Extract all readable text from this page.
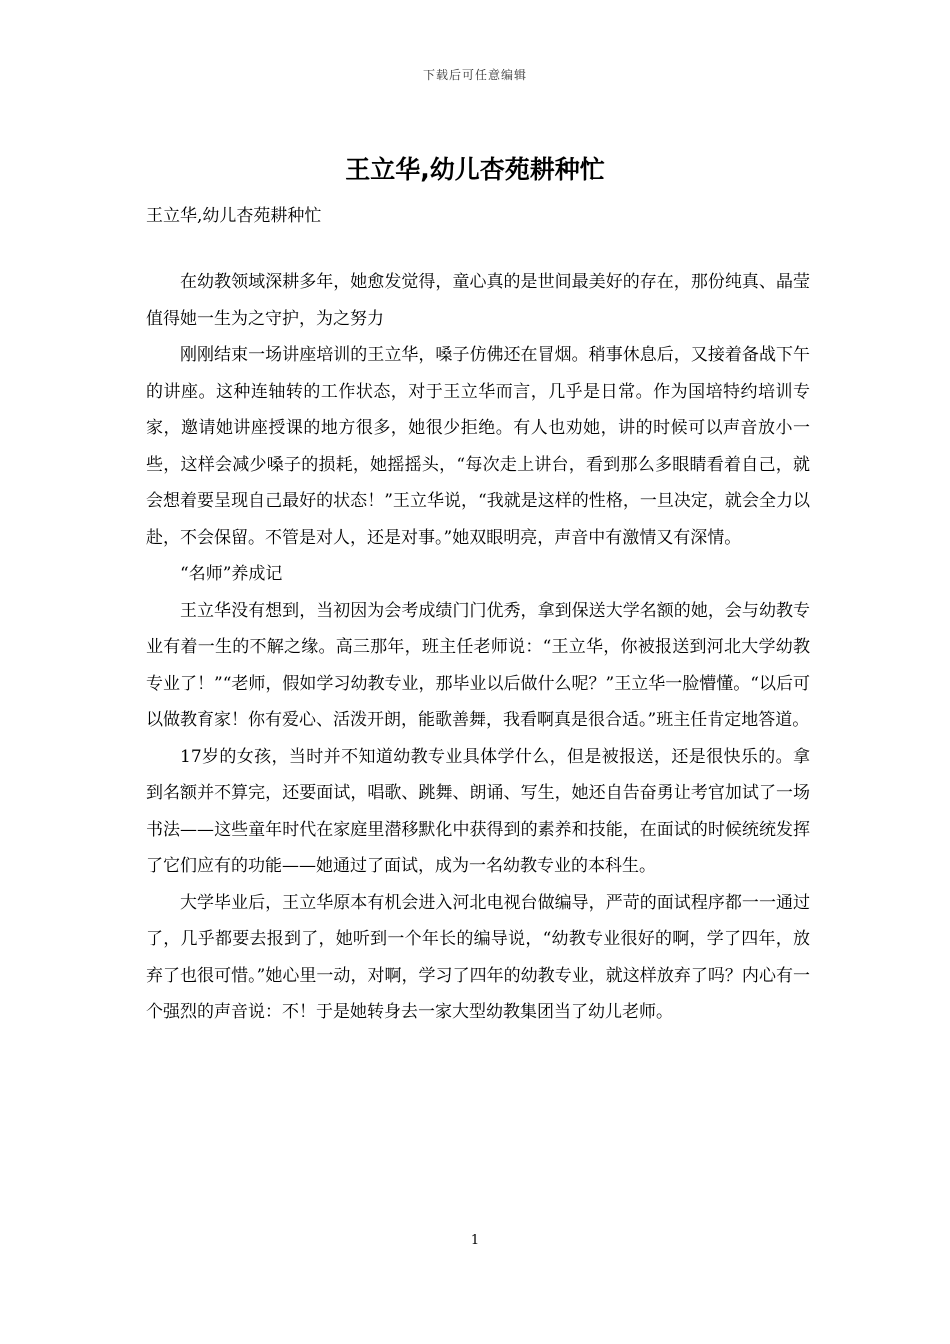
下载后可任意编辑
王立华,幼儿杏苑耕种忙

王立华,幼儿杏苑耕种忙

在幼教领域深耕多年，她愈发觉得，童心真的是世间最美好的存在，那份纯真、晶莹值得她一生为之守护，为之努力

刚刚结束一场讲座培训的王立华，嗓子仿佛还在冒烟。稍事休息后，又接着备战下午的讲座。这种连轴转的工作状态，对于王立华而言，几乎是日常。作为国培特约培训专家，邀请她讲座授课的地方很多，她很少拒绝。有人也劝她，讲的时候可以声音放小一些，这样会减少嗓子的损耗，她摇摇头，“每次走上讲台，看到那么多眼睛看着自己，就会想着要呈现自己最好的状态！”王立华说，“我就是这样的性格，一旦决定，就会全力以赴，不会保留。不管是对人，还是对事。”她双眼明亮，声音中有激情又有深情。

“名师”养成记

王立华没有想到，当初因为会考成绩门门优秀，拿到保送大学名额的她，会与幼教专业有着一生的不解之缘。高三那年，班主任老师说：“王立华，你被报送到河北大学幼教专业了！”“老师，假如学习幼教专业，那毕业以后做什么呢？”王立华一脸懵懂。“以后可以做教育家！你有爱心、活泼开朗，能歌善舞，我看啊真是很合适。”班主任肯定地答道。

17岁的女孩，当时并不知道幼教专业具体学什么，但是被报送，还是很快乐的。拿到名额并不算完，还要面试，唱歌、跳舞、朗诵、写生，她还自告奋勇让考官加试了一场书法——这些童年时代在家庭里潜移默化中获得到的素养和技能，在面试的时候统统发挥了它们应有的功能——她通过了面试，成为一名幼教专业的本科生。

大学毕业后，王立华原本有机会进入河北电视台做编导，严苛的面试程序都一一通过了，几乎都要去报到了，她听到一个年长的编导说，“幼教专业很好的啊，学了四年，放弃了也很可惜。”她心里一动，对啊，学习了四年的幼教专业，就这样放弃了吗？内心有一个强烈的声音说：不！于是她转身去一家大型幼教集团当了幼儿老师。

1
